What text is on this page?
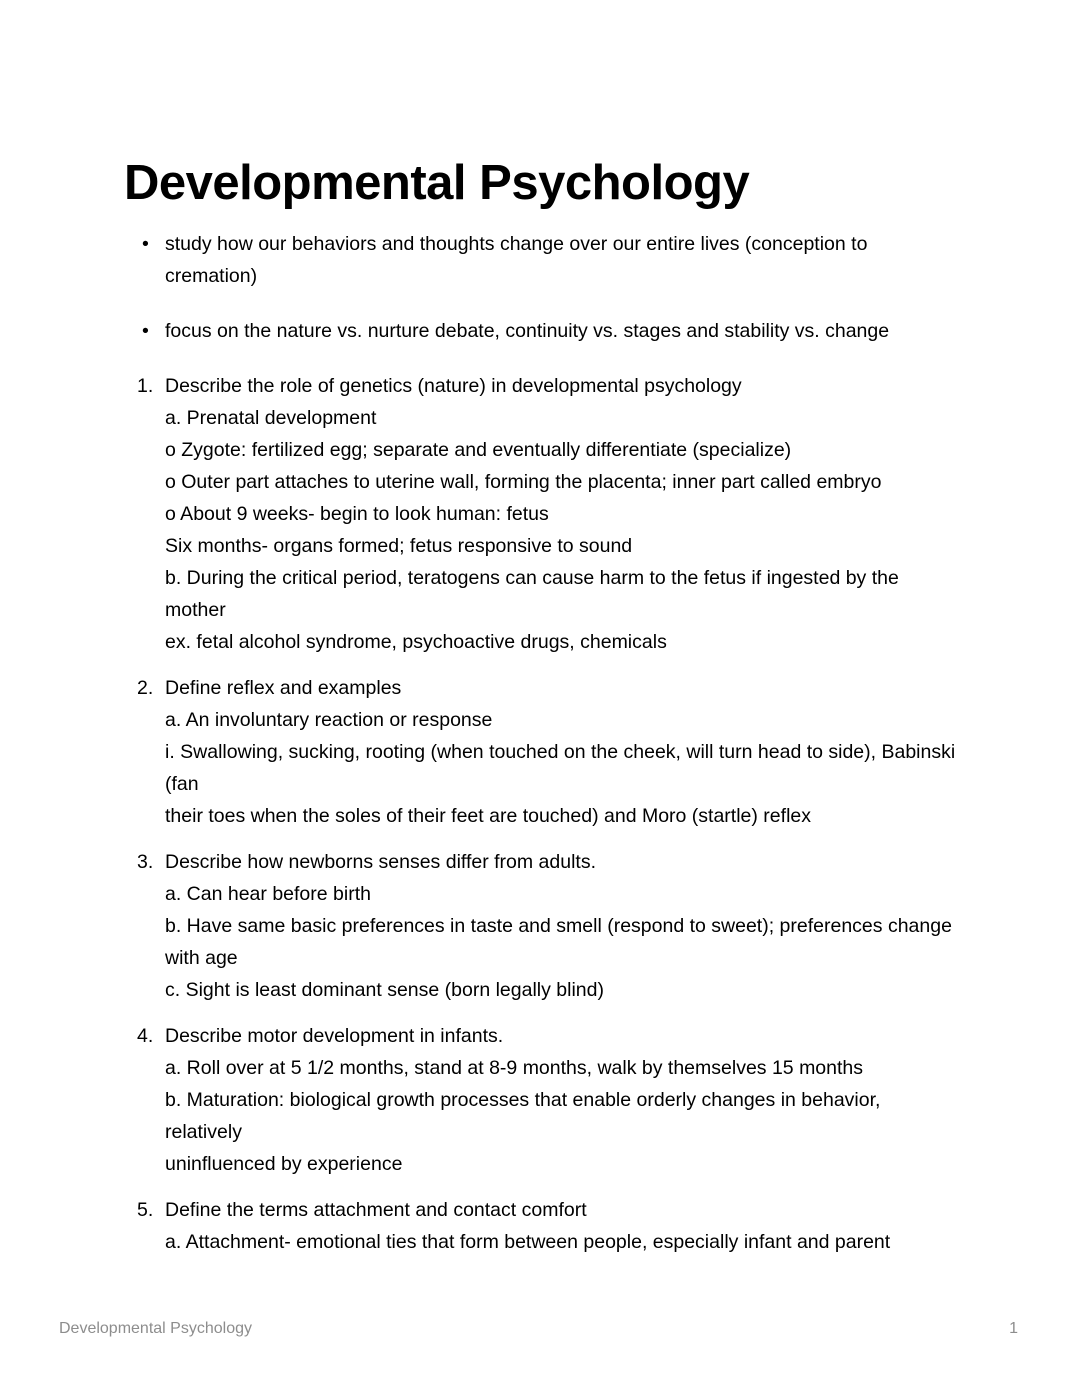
Developmental Psychology
• study how our behaviors and thoughts change over our entire lives (conception to cremation)
• focus on the nature vs. nurture debate, continuity vs. stages and stability vs. change
1. Describe the role of genetics (nature) in developmental psychology
a. Prenatal development
o Zygote: fertilized egg; separate and eventually differentiate (specialize)
o Outer part attaches to uterine wall, forming the placenta; inner part called embryo
o About 9 weeks- begin to look human: fetus
Six months- organs formed; fetus responsive to sound
b. During the critical period, teratogens can cause harm to the fetus if ingested by the mother
ex. fetal alcohol syndrome, psychoactive drugs, chemicals
2. Define reflex and examples
a. An involuntary reaction or response
i. Swallowing, sucking, rooting (when touched on the cheek, will turn head to side), Babinski (fan
their toes when the soles of their feet are touched) and Moro (startle) reflex
3. Describe how newborns senses differ from adults.
a. Can hear before birth
b. Have same basic preferences in taste and smell (respond to sweet); preferences change with age
c. Sight is least dominant sense (born legally blind)
4. Describe motor development in infants.
a. Roll over at 5 1/2 months, stand at 8-9 months, walk by themselves 15 months
b. Maturation: biological growth processes that enable orderly changes in behavior, relatively
uninfluenced by experience
5. Define the terms attachment and contact comfort
a. Attachment- emotional ties that form between people, especially infant and parent
Developmental Psychology	1
